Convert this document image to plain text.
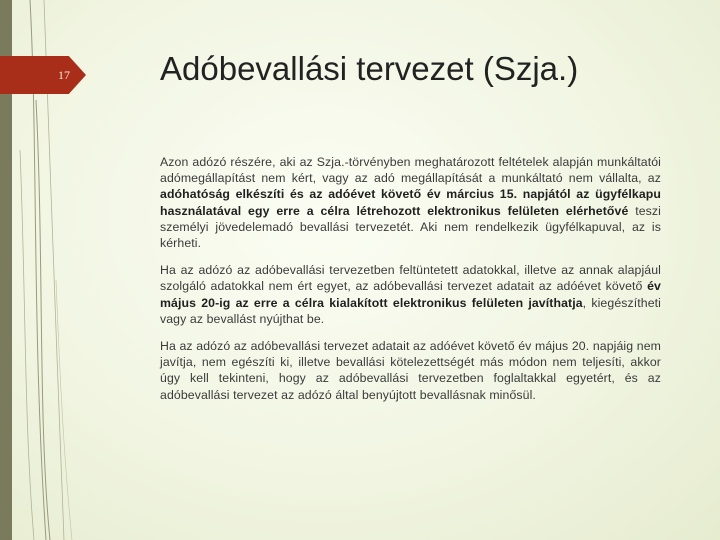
17	Adóbevallási tervezet (Szja.)

Azon adózó részére, aki az Szja.-törvényben meghatározott feltételek alapján munkáltatói adómegállapítást nem kért, vagy az adó megállapítását a munkáltató nem vállalta, az adóhatóság elkészíti és az adóévet követő év március 15. napjától az ügyfélkapu használatával egy erre a célra létrehozott elektronikus felületen elérhetővé teszi személyi jövedelemadó bevallási tervezetét. Aki nem rendelkezik ügyfélkapuval, az is kérheti.

Ha az adózó az adóbevallási tervezetben feltüntetett adatokkal, illetve az annak alapjául szolgáló adatokkal nem ért egyet, az adóbevallási tervezet adatait az adóévet követő év május 20-ig az erre a célra kialakított elektronikus felületen javíthatja, kiegészítheti vagy az bevallást nyújthat be.

Ha az adózó az adóbevallási tervezet adatait az adóévet követő év május 20. napjáig nem javítja, nem egészíti ki, illetve bevallási kötelezettségét más módon nem teljesíti, akkor úgy kell tekinteni, hogy az adóbevallási tervezetben foglaltakkal egyetért, és az adóbevallási tervezet az adózó által benyújtott bevallásnak minősül.
